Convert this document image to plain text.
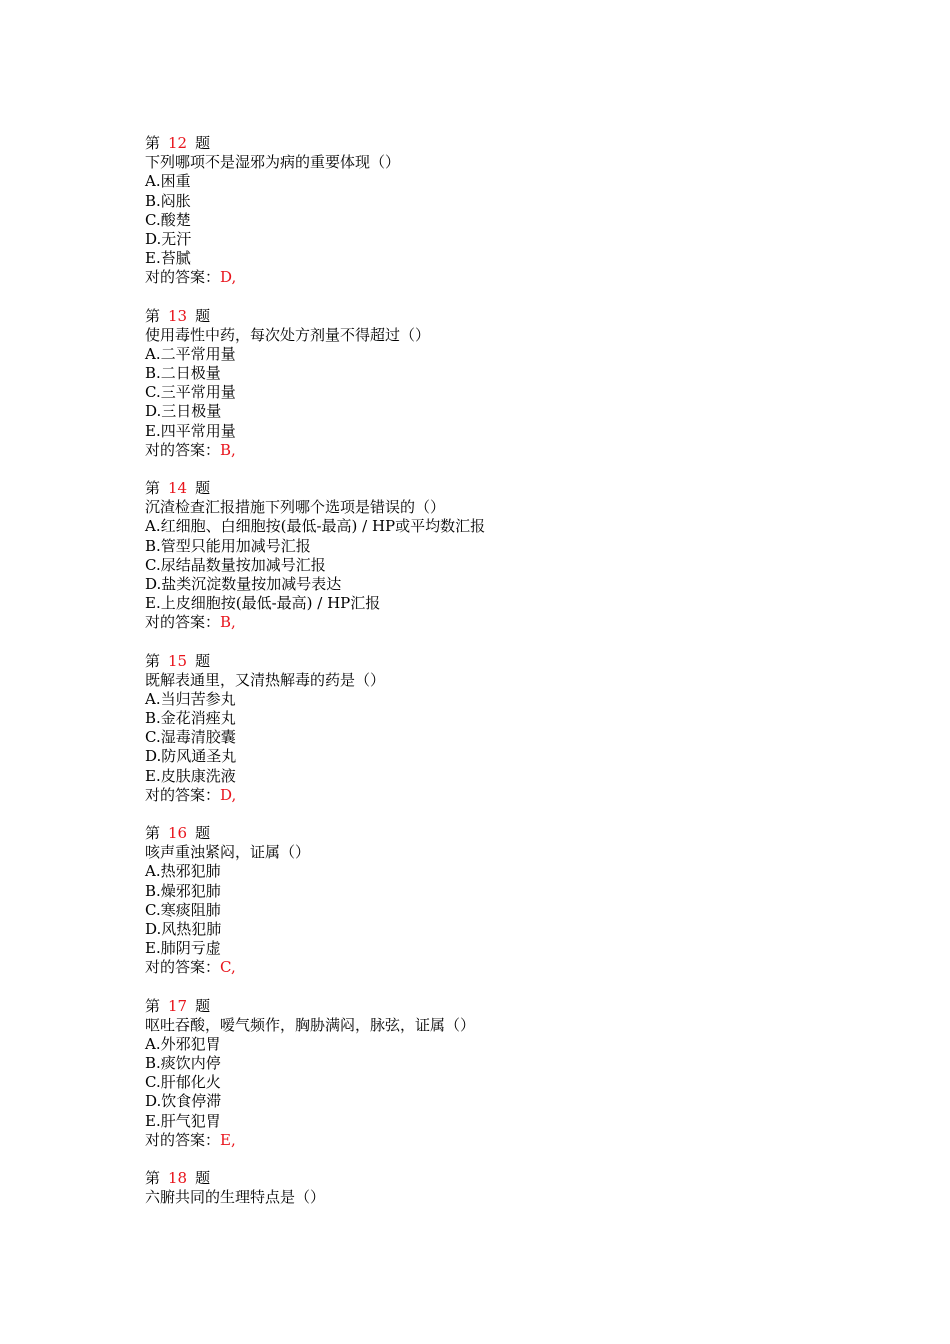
第 12 题
下列哪项不是湿邪为病的重要体现（）
A.困重
B.闷胀
C.酸楚
D.无汗
E.苔腻
对的答案：D,
第 13 题
使用毒性中药，每次处方剂量不得超过（）
A.二平常用量
B.二日极量
C.三平常用量
D.三日极量
E.四平常用量
对的答案：B,
第 14 题
沉渣检查汇报措施下列哪个选项是错误的（）
A.红细胞、白细胞按(最低-最高) / HP或平均数汇报
B.管型只能用加减号汇报
C.尿结晶数量按加减号汇报
D.盐类沉淀数量按加减号表达
E.上皮细胞按(最低-最高) / HP汇报
对的答案：B,
第 15 题
既解表通里，又清热解毒的药是（）
A.当归苦参丸
B.金花消痤丸
C.湿毒清胶囊
D.防风通圣丸
E.皮肤康洗液
对的答案：D,
第 16 题
咳声重浊紧闷，证属（）
A.热邪犯肺
B.燥邪犯肺
C.寒痰阻肺
D.风热犯肺
E.肺阴亏虚
对的答案：C,
第 17 题
呕吐吞酸，嗳气频作，胸胁满闷，脉弦，证属（）
A.外邪犯胃
B.痰饮内停
C.肝郁化火
D.饮食停滞
E.肝气犯胃
对的答案：E,
第 18 题
六腑共同的生理特点是（）
